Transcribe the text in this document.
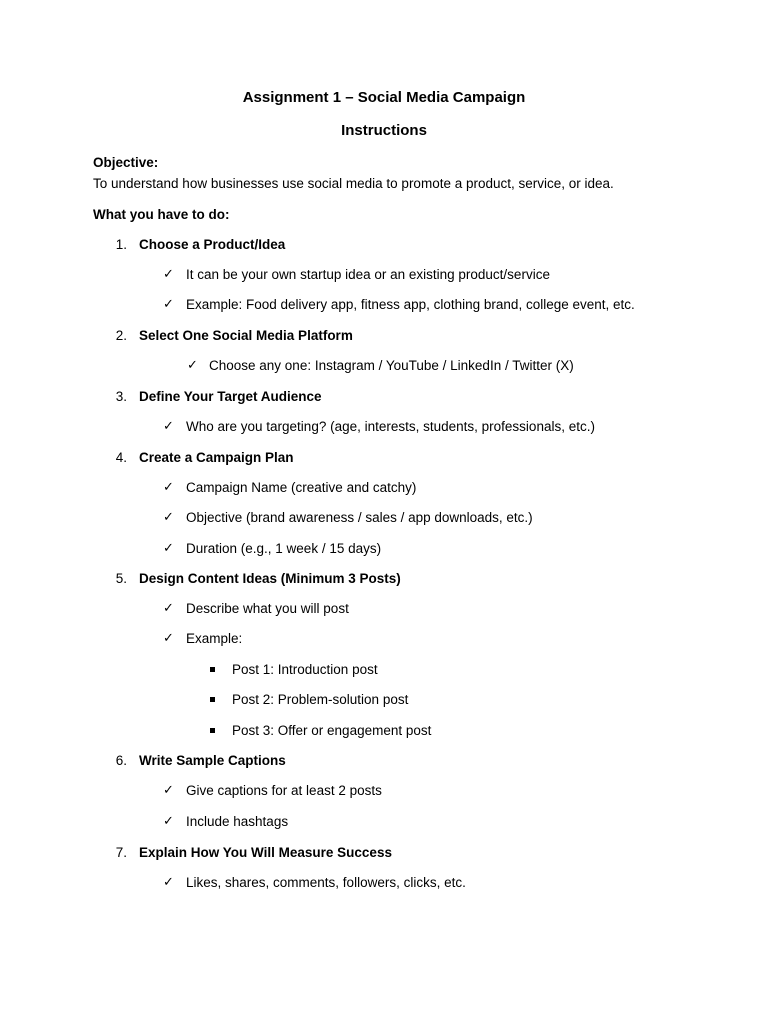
Assignment 1 – Social Media Campaign
Instructions
Objective:
To understand how businesses use social media to promote a product, service, or idea.
What you have to do:
1. Choose a Product/Idea
✓ It can be your own startup idea or an existing product/service
✓ Example: Food delivery app, fitness app, clothing brand, college event, etc.
2. Select One Social Media Platform
✓ Choose any one: Instagram / YouTube / LinkedIn / Twitter (X)
3. Define Your Target Audience
✓ Who are you targeting? (age, interests, students, professionals, etc.)
4. Create a Campaign Plan
✓ Campaign Name (creative and catchy)
✓ Objective (brand awareness / sales / app downloads, etc.)
✓ Duration (e.g., 1 week / 15 days)
5. Design Content Ideas (Minimum 3 Posts)
✓ Describe what you will post
✓ Example:
Post 1: Introduction post
Post 2: Problem-solution post
Post 3: Offer or engagement post
6. Write Sample Captions
✓ Give captions for at least 2 posts
✓ Include hashtags
7. Explain How You Will Measure Success
✓ Likes, shares, comments, followers, clicks, etc.
